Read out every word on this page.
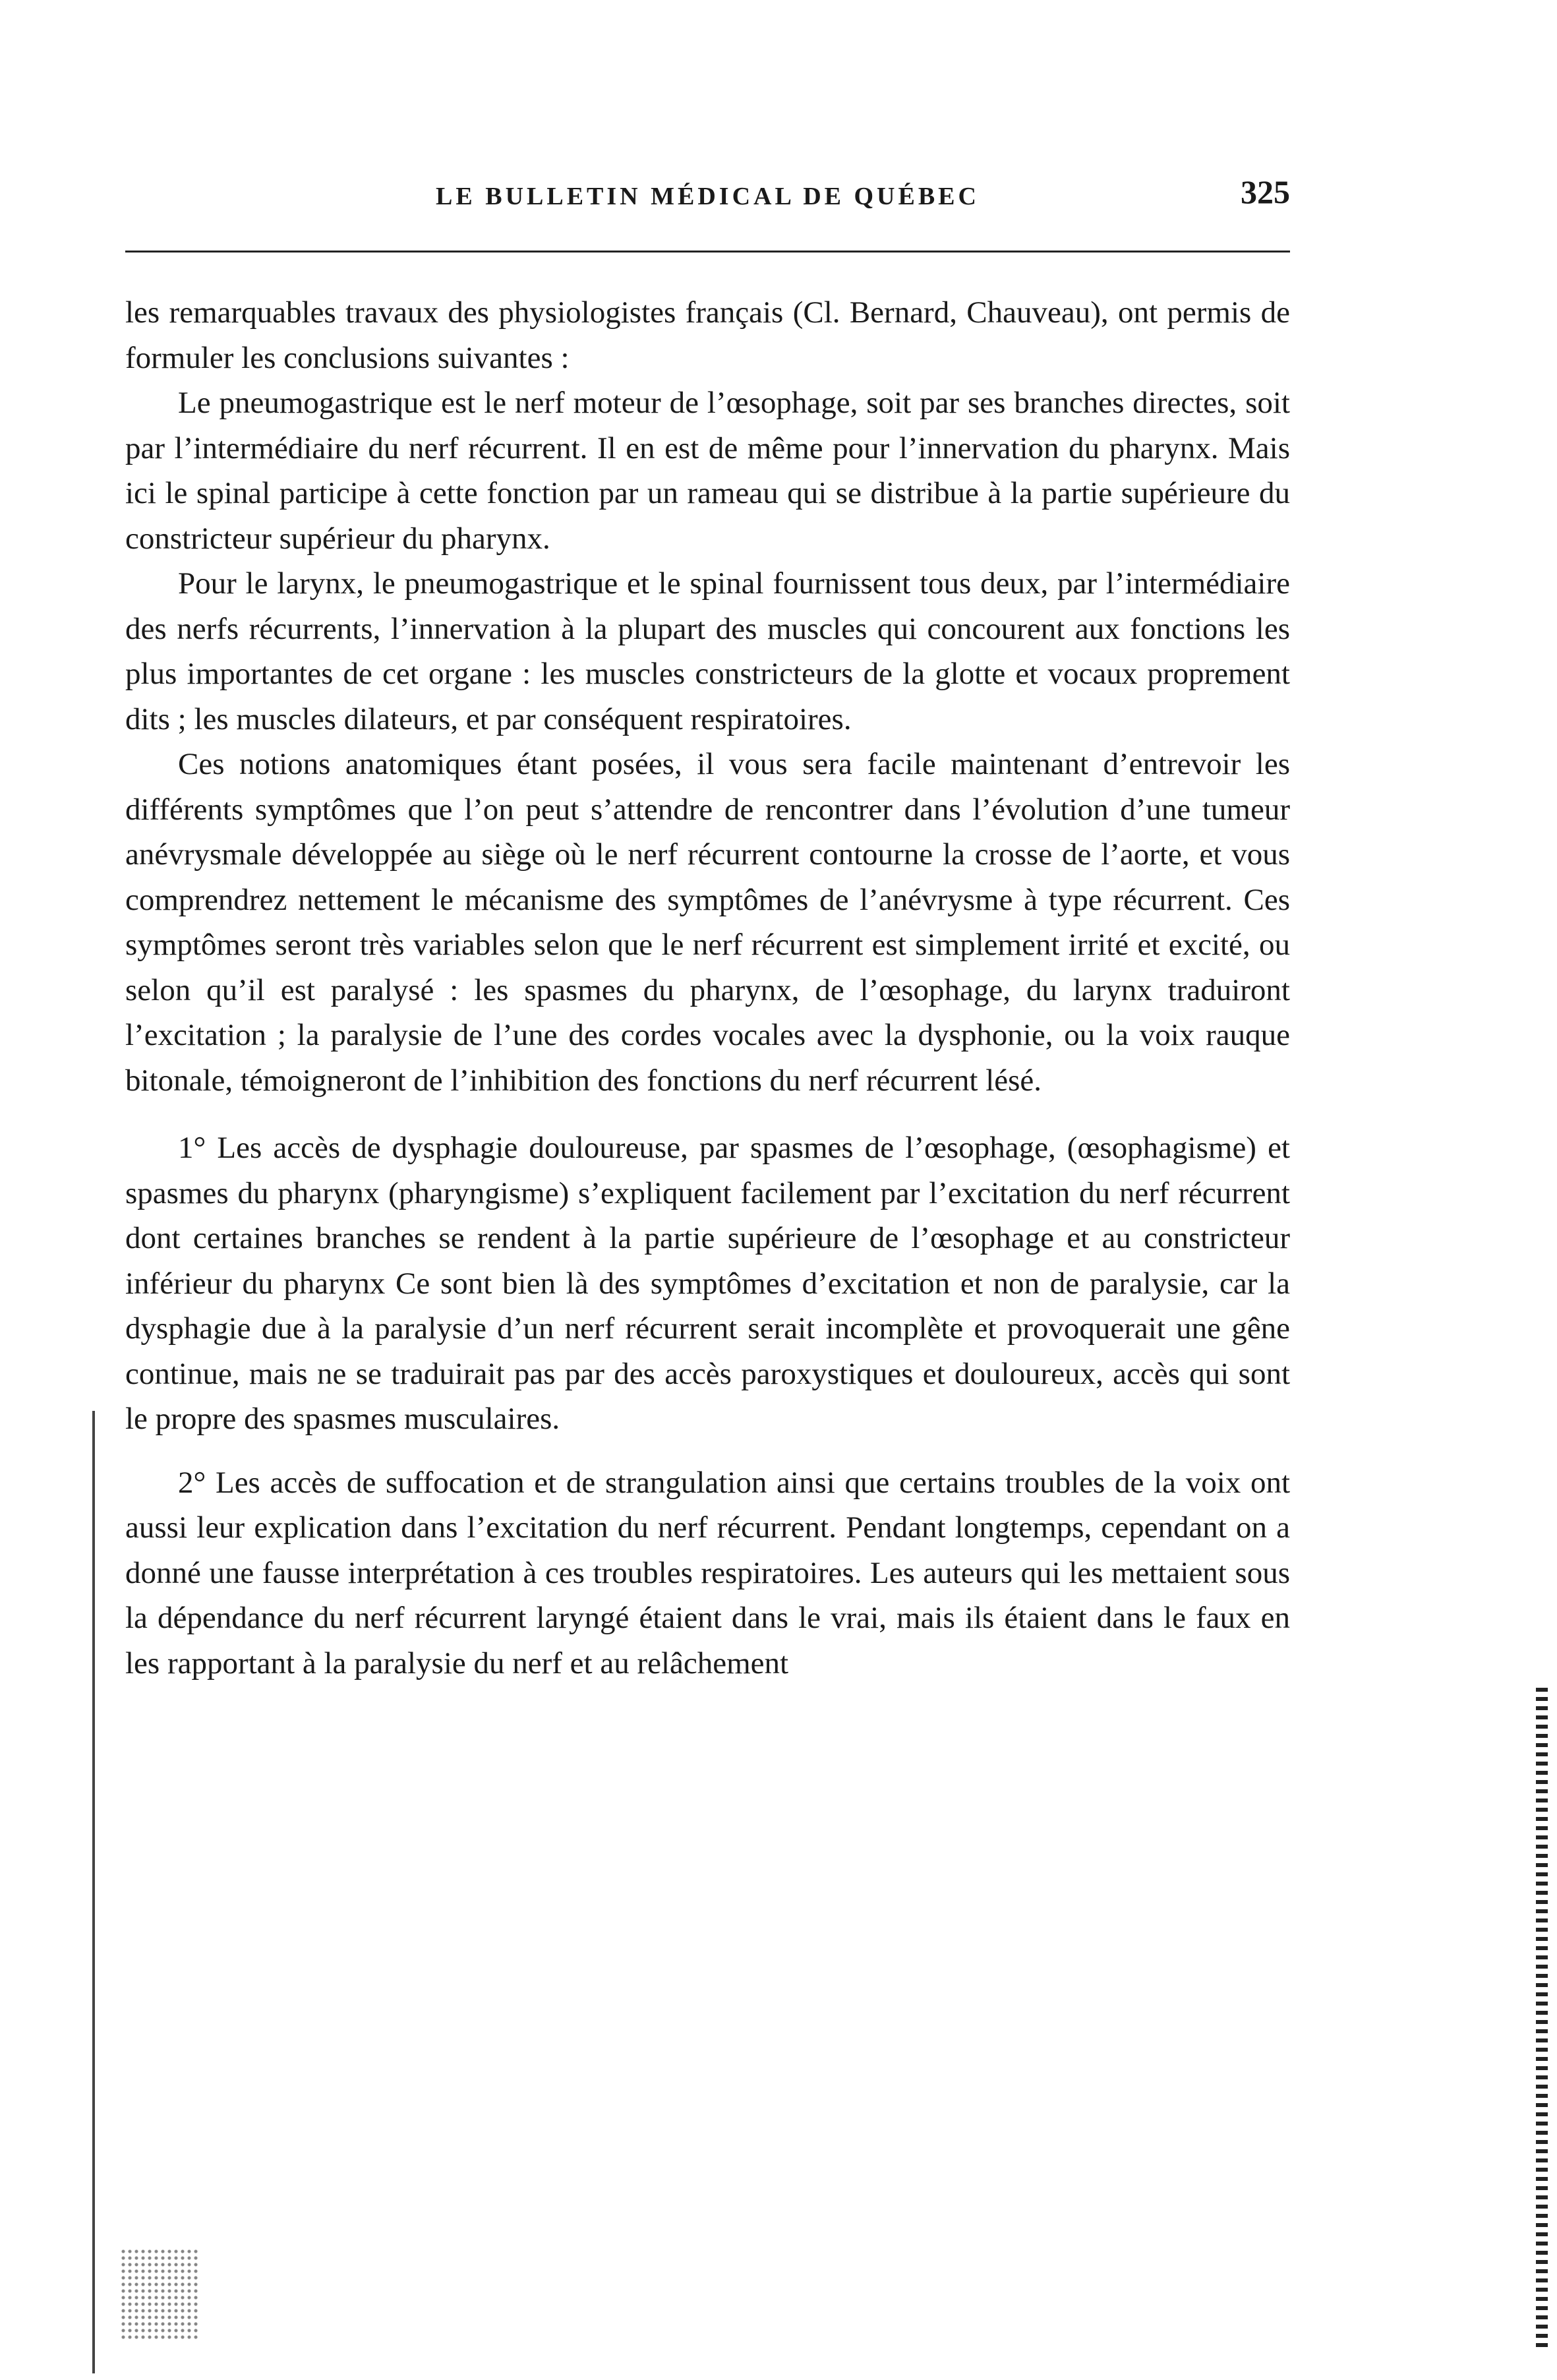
LE BULLETIN MÉDICAL DE QUÉBEC	325

les remarquables travaux des physiologistes français (Cl. Bernard, Chauveau), ont permis de formuler les conclusions suivantes :

Le pneumogastrique est le nerf moteur de l’œsophage, soit par ses branches directes, soit par l’intermédiaire du nerf récurrent. Il en est de même pour l’innervation du pharynx. Mais ici le spinal participe à cette fonction par un rameau qui se distribue à la partie supérieure du constricteur supérieur du pharynx.

Pour le larynx, le pneumogastrique et le spinal fournissent tous deux, par l’intermédiaire des nerfs récurrents, l’innervation à la plupart des muscles qui concourent aux fonctions les plus importantes de cet organe : les muscles constricteurs de la glotte et vocaux proprement dits ; les muscles dilateurs, et par conséquent respiratoires.

Ces notions anatomiques étant posées, il vous sera facile maintenant d’entrevoir les différents symptômes que l’on peut s’attendre de rencontrer dans l’évolution d’une tumeur anévrysmale développée au siège où le nerf récurrent contourne la crosse de l’aorte, et vous comprendrez nettement le mécanisme des symptômes de l’anévrysme à type récurrent. Ces symptômes seront très variables selon que le nerf récurrent est simplement irrité et excité, ou selon qu’il est paralysé : les spasmes du pharynx, de l’œsophage, du larynx traduiront l’excitation ; la paralysie de l’une des cordes vocales avec la dysphonie, ou la voix rauque bitonale, témoigneront de l’inhibition des fonctions du nerf récurrent lésé.

1° Les accès de dysphagie douloureuse, par spasmes de l’œsophage, (œsophagisme) et spasmes du pharynx (pharyngisme) s’expliquent facilement par l’excitation du nerf récurrent dont certaines branches se rendent à la partie supérieure de l’œsophage et au constricteur inférieur du pharynx Ce sont bien là des symptômes d’excitation et non de paralysie, car la dysphagie due à la paralysie d’un nerf récurrent serait incomplète et provoquerait une gêne continue, mais ne se traduirait pas par des accès paroxystiques et douloureux, accès qui sont le propre des spasmes musculaires.

2° Les accès de suffocation et de strangulation ainsi que certains troubles de la voix ont aussi leur explication dans l’excitation du nerf récurrent. Pendant longtemps, cependant on a donné une fausse interprétation à ces troubles respiratoires. Les auteurs qui les mettaient sous la dépendance du nerf récurrent laryngé étaient dans le vrai, mais ils étaient dans le faux en les rapportant à la paralysie du nerf et au relâchement
